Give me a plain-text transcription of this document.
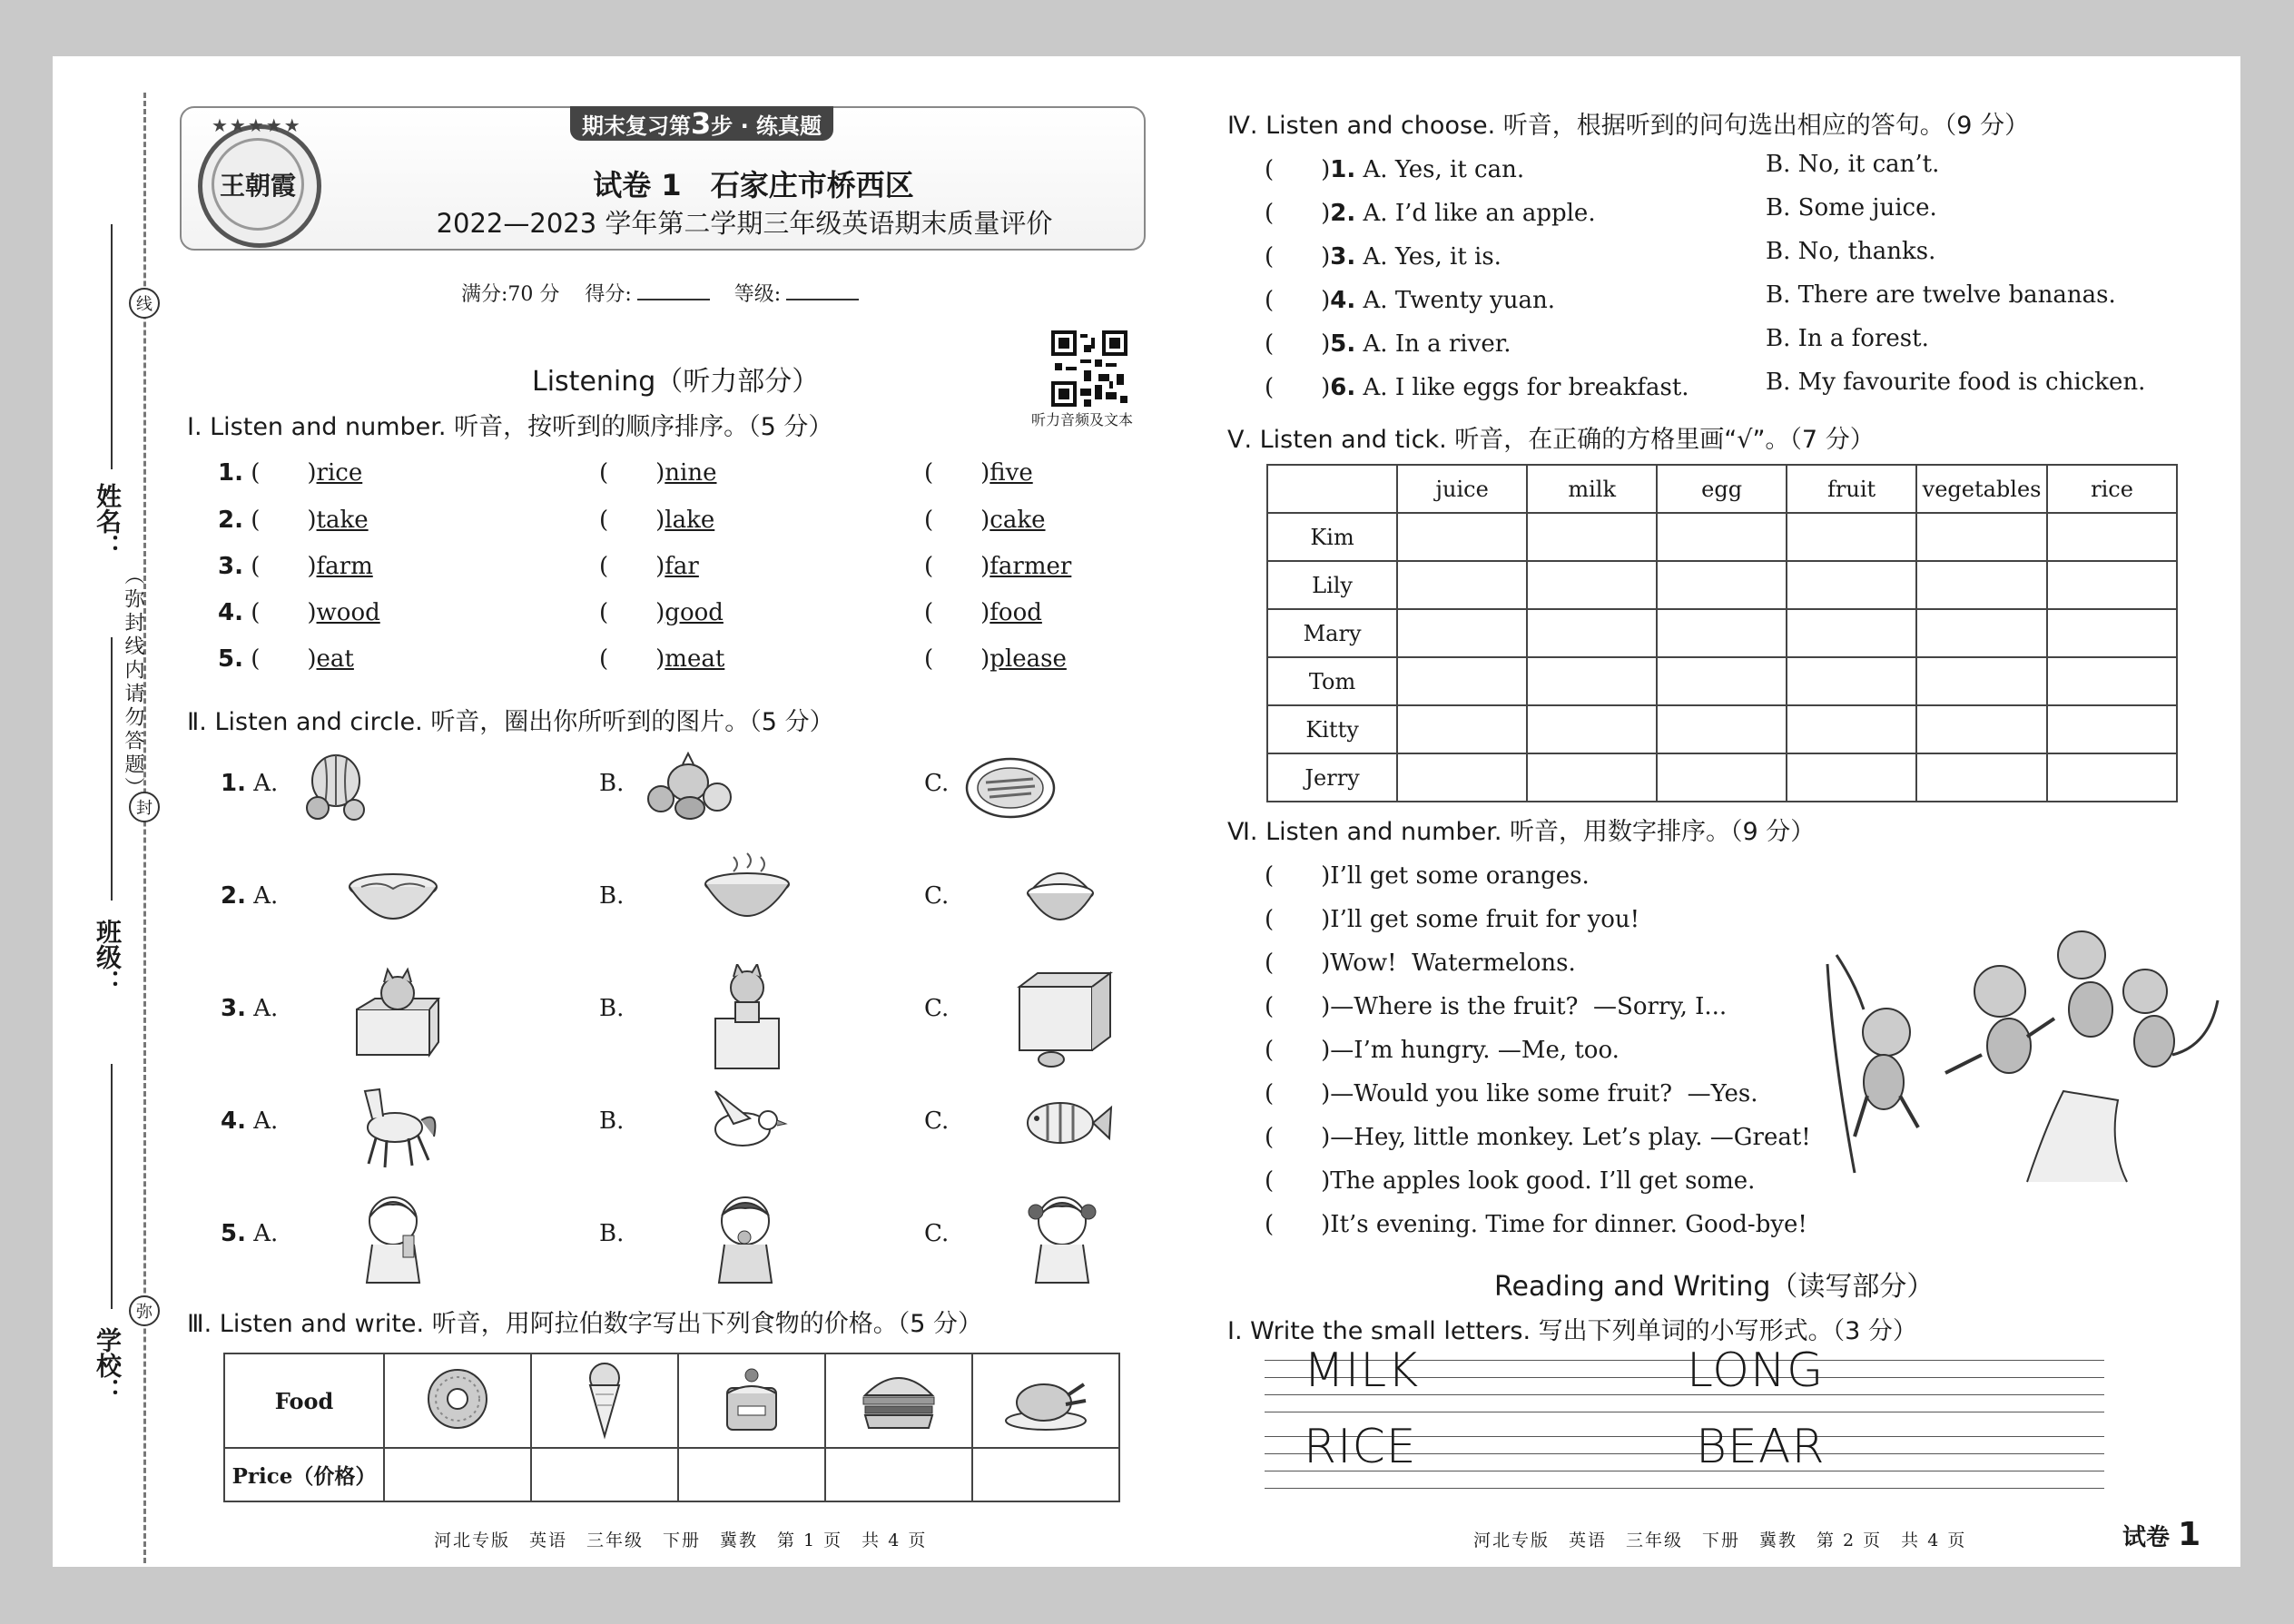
线
封
弥
（弥封线内请勿答题）
姓名：
班级：
学校：
期末复习第3步 · 练真题
★★★★★
王朝霞	试卷 1　石家庄市桥西区
2022—2023 学年第二学期三年级英语期末质量评价
满分:70 分 得分:	等级:
听力音频及文本
Listening（听力部分）
Ⅰ. Listen and number. 听音，按听到的顺序排序。（5 分）
1. (　　)rice	(　　)nine	(　　)five
2. (　　)take	(　　)lake	(　　)cake
3. (　　)farm	(　　)far	(　　)farmer
4. (　　)wood	(　　)good	(　　)food
5. (　　)eat	(　　)meat	(　　)please
Ⅱ. Listen and circle. 听音，圈出你所听到的图片。（5 分）
1. A.	B.	C.
2. A.	B.	C.
3. A.	B.	C.
4. A.	B.	C.
5. A.	B.	C.
Ⅲ. Listen and write. 听音，用阿拉伯数字写出下列食物的价格。（5 分）
Food					
Price（价格）					
河北专版　英语　三年级　下册　冀教　第 1 页　共 4 页
Ⅳ. Listen and choose. 听音，根据听到的问句选出相应的答句。（9 分）
(　　)1. A. Yes, it can.	B. No, it can’t.
(　　)2. A. I’d like an apple.	B. Some juice.
(　　)3. A. Yes, it is.	B. No, thanks.
(　　)4. A. Twenty yuan.	B. There are twelve bananas.
(　　)5. A. In a river.	B. In a forest.
(　　)6. A. I like eggs for breakfast.	B. My favourite food is chicken.
Ⅴ. Listen and tick. 听音，在正确的方格里画“√”。（7 分）
	juice	milk	egg	fruit	vegetables	rice
Kim						
Lily						
Mary						
Tom						
Kitty						
Jerry						
Ⅵ. Listen and number. 听音，用数字排序。（9 分）
(　　)I’ll get some oranges.
(　　)I’ll get some fruit for you!
(　　)Wow!  Watermelons.
(　　)—Where is the fruit?  —Sorry, I...
(　　)—I’m hungry. —Me, too.
(　　)—Would you like some fruit?  —Yes.
(　　)—Hey, little monkey. Let’s play. —Great!
(　　)The apples look good. I’ll get some.
(　　)It’s evening. Time for dinner. Good-bye!
Reading and Writing（读写部分）
Ⅰ. Write the small letters. 写出下列单词的小写形式。（3 分）
MILK	LONG
RICE	BEAR
河北专版　英语　三年级　下册　冀教　第 2 页　共 4 页	试卷 1
